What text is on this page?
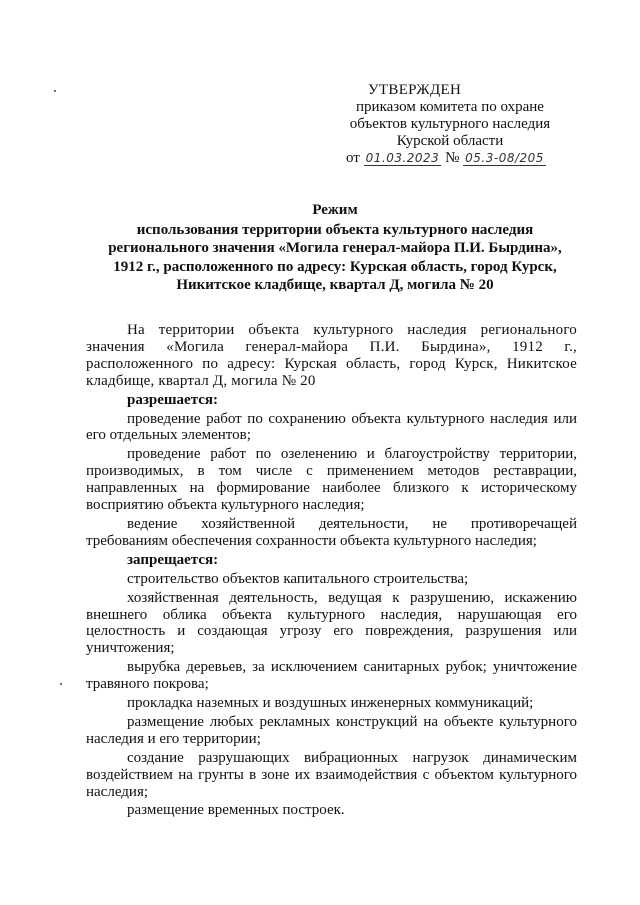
УТВЕРЖДЕН
приказом комитета по охране
объектов культурного наследия
Курской области
от 01.03.2023 № 05.3-08/205
Режим
использования территории объекта культурного наследия
регионального значения «Могила генерал-майора П.И. Бырдина»,
1912 г., расположенного по адресу: Курская область, город Курск,
Никитское кладбище, квартал Д, могила № 20

На территории объекта культурного наследия регионального значения «Могила генерал-майора П.И. Бырдина», 1912 г., расположенного по адресу: Курская область, город Курск, Никитское кладбище, квартал Д, могила № 20

разрешается:

проведение работ по сохранению объекта культурного наследия или его отдельных элементов;

проведение работ по озеленению и благоустройству территории, производимых, в том числе с применением методов реставрации, направленных на формирование наиболее близкого к историческому восприятию объекта культурного наследия;

ведение хозяйственной деятельности, не противоречащей требованиям обеспечения сохранности объекта культурного наследия;

запрещается:

строительство объектов капитального строительства;

хозяйственная деятельность, ведущая к разрушению, искажению внешнего облика объекта культурного наследия, нарушающая его целостность и создающая угрозу его повреждения, разрушения или уничтожения;

вырубка деревьев, за исключением санитарных рубок; уничтожение травяного покрова;

прокладка наземных и воздушных инженерных коммуникаций;

размещение любых рекламных конструкций на объекте культурного наследия и его территории;

создание разрушающих вибрационных нагрузок динамическим воздействием на грунты в зоне их взаимодействия с объектом культурного наследия;

размещение временных построек.
